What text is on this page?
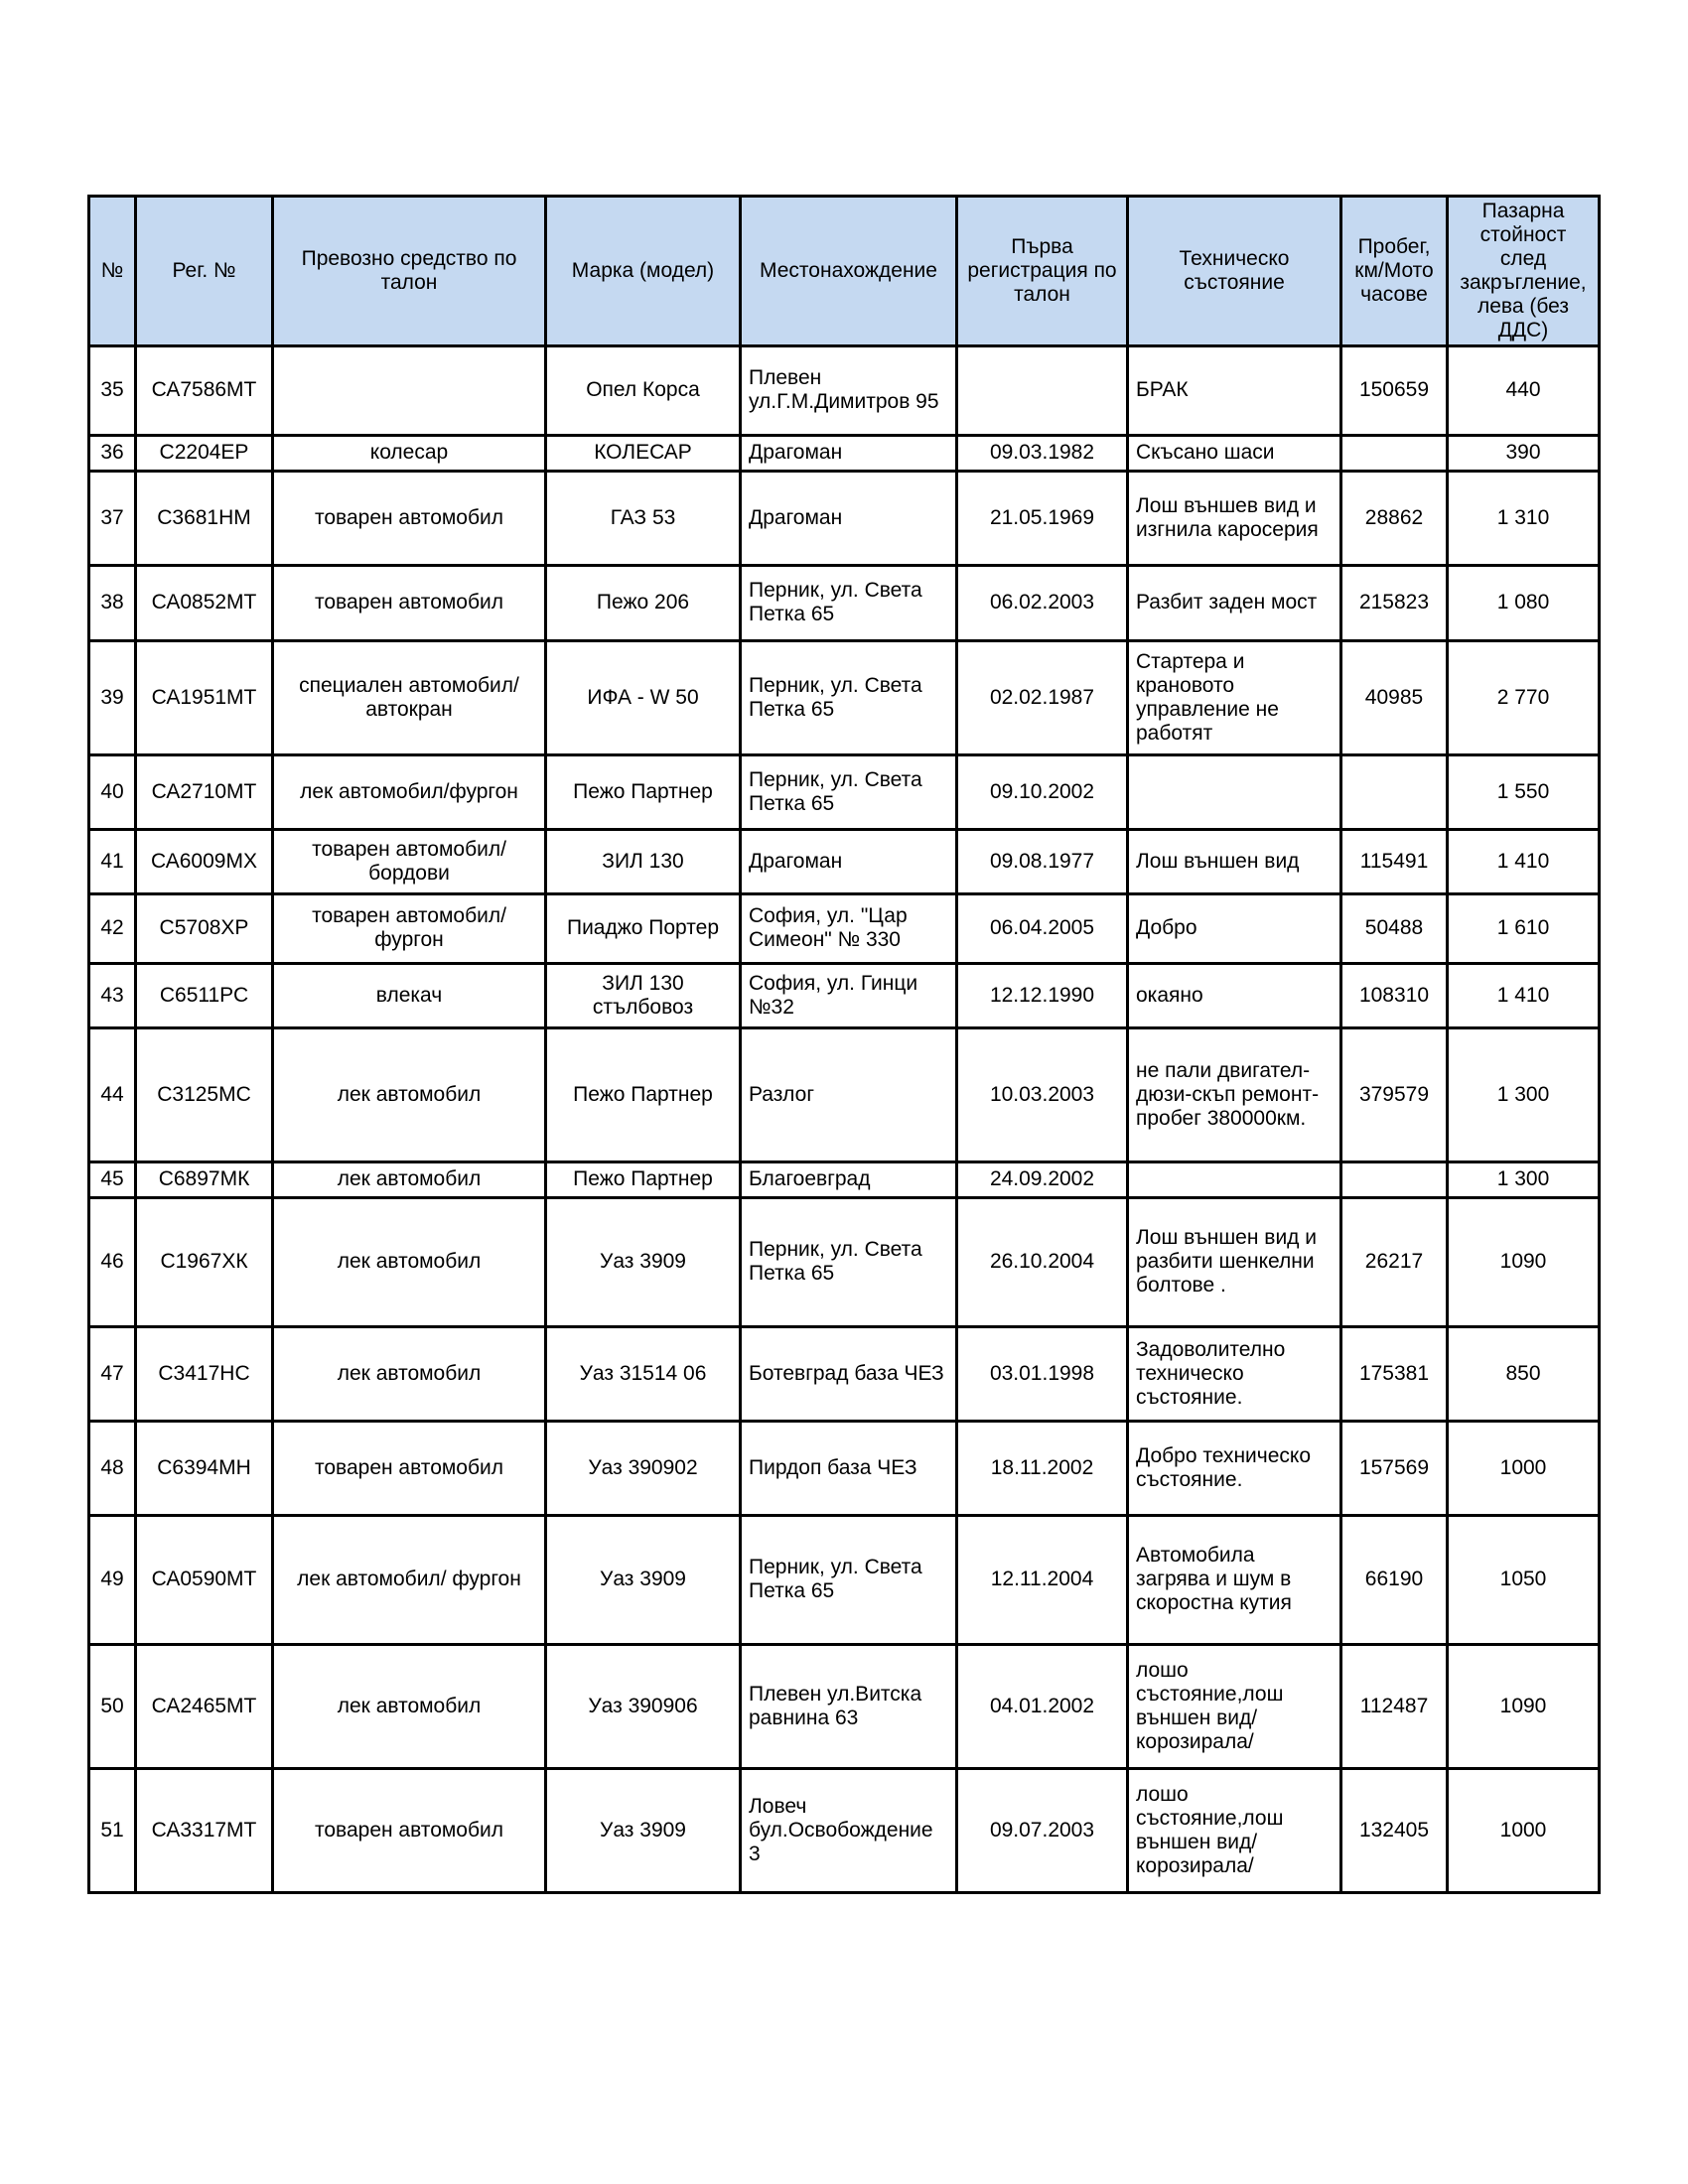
№	Рег. №	Превозно средство по талон	Марка (модел)	Местонахождение	Първа регистрация по талон	Техническо състояние	Пробег, км/Мото часове	Пазарна стойност след закръгление, лева (без ДДС)
35	СА7586МТ		Опел Корса	Плевен ул.Г.М.Димитров 95		БРАК	150659	440
36	С2204ЕР	колесар	КОЛЕСАР	Драгоман	09.03.1982	Скъсано шаси		390
37	С3681НМ	товарен автомобил	ГАЗ 53	Драгоман	21.05.1969	Лош външев вид и изгнила каросерия	28862	1 310
38	СА0852МТ	товарен автомобил	Пежо 206	Перник, ул. Света Петка 65	06.02.2003	Разбит заден мост	215823	1 080
39	СА1951МТ	специален автомобил/автокран	ИФА - W 50	Перник, ул. Света Петка 65	02.02.1987	Стартера и крановото управление не работят	40985	2 770
40	СА2710МТ	лек автомобил/фургон	Пежо Партнер	Перник, ул. Света Петка 65	09.10.2002			1 550
41	СА6009МХ	товарен автомобил/бордови	ЗИЛ 130	Драгоман	09.08.1977	Лош външен вид	115491	1 410
42	С5708ХР	товарен автомобил/фургон	Пиаджо Портер	София, ул. "Цар Симеон" № 330	06.04.2005	Добро	50488	1 610
43	С6511РС	влекач	ЗИЛ 130 стълбовоз	София, ул. Гинци №32	12.12.1990	окаяно	108310	1 410
44	С3125МС	лек автомобил	Пежо Партнер	Разлог	10.03.2003	не пали двигател-дюзи-скъп ремонт-пробег 380000км.	379579	1 300
45	С6897МК	лек автомобил	Пежо Партнер	Благоевград	24.09.2002			1 300
46	С1967ХК	лек автомобил	Уаз 3909	Перник, ул. Света Петка 65	26.10.2004	Лош външен вид и разбити шенкелни болтове .	26217	1090
47	С3417НС	лек автомобил	Уаз 31514 06	Ботевград база ЧЕЗ	03.01.1998	Задоволително техническо състояние.	175381	850
48	С6394МН	товарен автомобил	Уаз 390902	Пирдоп база ЧЕЗ	18.11.2002	Добро техническо състояние.	157569	1000
49	СА0590МТ	лек автомобил/ фургон	Уаз 3909	Перник, ул. Света Петка 65	12.11.2004	Автомобила загрява и шум в скоростна кутия	66190	1050
50	СА2465МТ	лек автомобил	Уаз 390906	Плевен ул.Витска равнина 63	04.01.2002	лошо състояние,лош външен вид/корозирала/	112487	1090
51	СА3317МТ	товарен автомобил	Уаз 3909	Ловеч бул.Освобождение 3	09.07.2003	лошо състояние,лош външен вид/корозирала/	132405	1000
